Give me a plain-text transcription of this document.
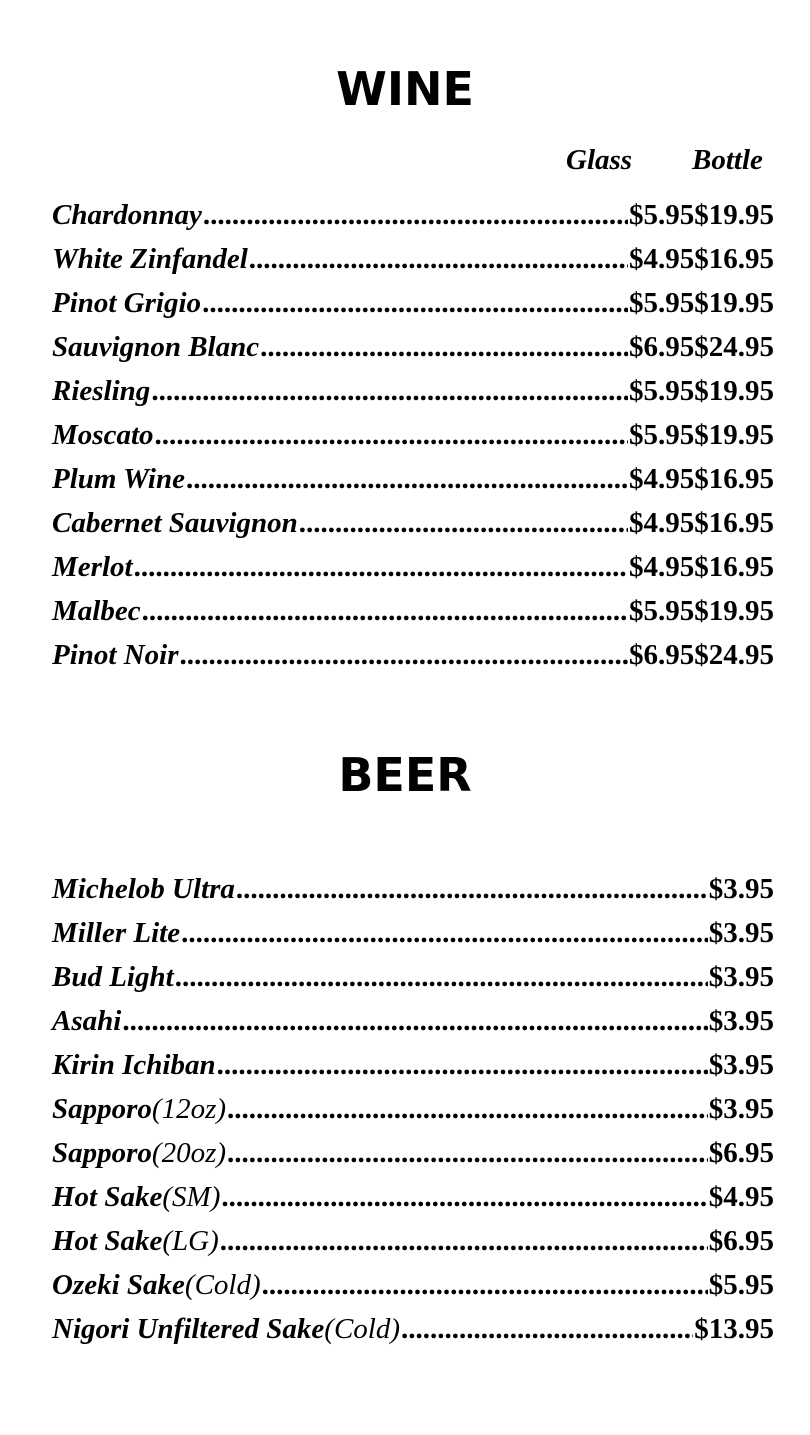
WINE
Glass Bottle
Chardonnay .....	$5.95 $19.95
White Zinfandel .....	$4.95 $16.95
Pinot Grigio .....	$5.95 $19.95
Sauvignon Blanc .....	$6.95 $24.95
Riesling .....	$5.95 $19.95
Moscato .....	$5.95 $19.95
Plum Wine .....	$4.95 $16.95
Cabernet Sauvignon .....	$4.95 $16.95
Merlot .....	$4.95 $16.95
Malbec .....	$5.95 $19.95
Pinot Noir .....	$6.95 $24.95
BEER
Michelob Ultra .....	$3.95
Miller Lite .....	$3.95
Bud Light .....	$3.95
Asahi .....	$3.95
Kirin Ichiban .....	$3.95
Sapporo (12oz) .....	$3.95
Sapporo (20oz) .....	$6.95
Hot Sake (SM) .....	$4.95
Hot Sake (LG) .....	$6.95
Ozeki Sake (Cold) .....	$5.95
Nigori Unfiltered Sake (Cold) .....	$13.95
